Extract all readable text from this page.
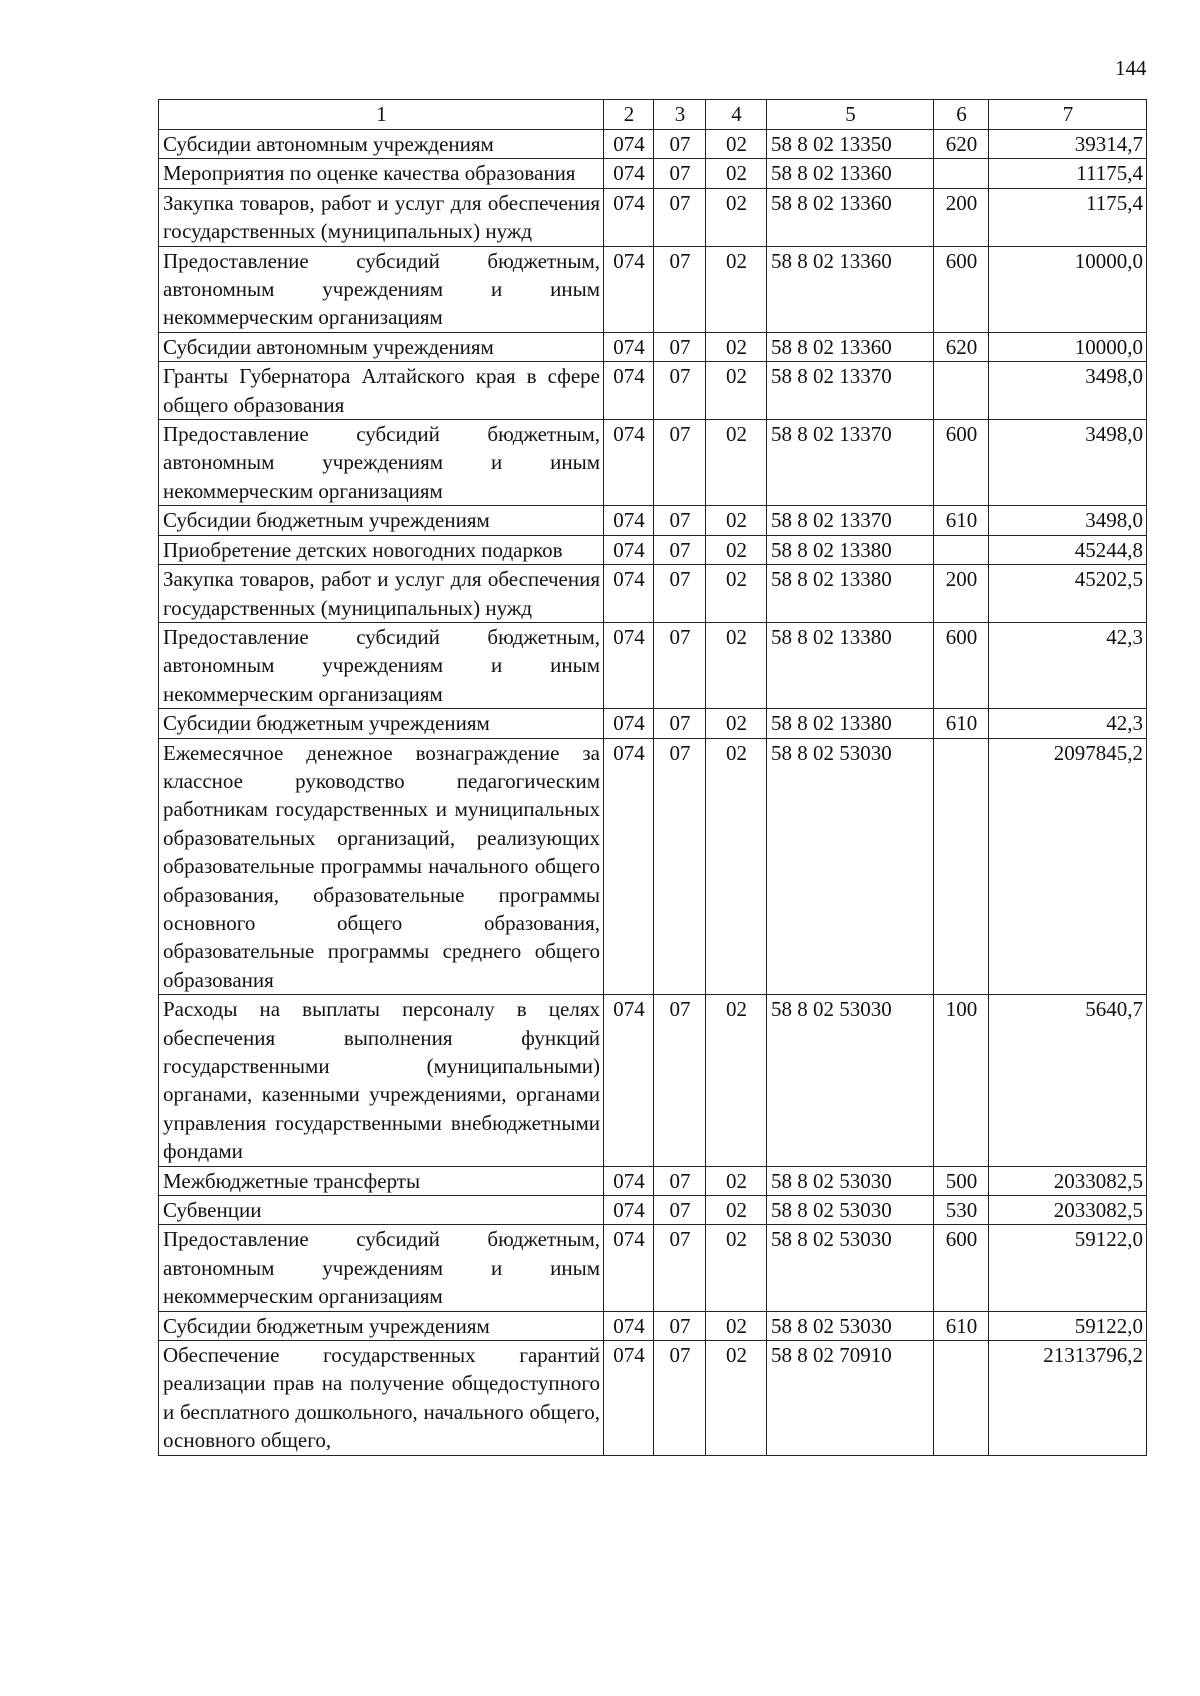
144
1	2	3	4	5	6	7
Субсидии автономным учреждениям	074	07	02	58 8 02 13350	620	39314,7
Мероприятия по оценке качества образования	074	07	02	58 8 02 13360		11175,4
Закупка товаров, работ и услуг для обеспечения государственных (муниципальных) нужд	074	07	02	58 8 02 13360	200	1175,4
Предоставление субсидий бюджетным, автономным учреждениям и иным некоммерческим организациям	074	07	02	58 8 02 13360	600	10000,0
Субсидии автономным учреждениям	074	07	02	58 8 02 13360	620	10000,0
Гранты Губернатора Алтайского края в сфере общего образования	074	07	02	58 8 02 13370		3498,0
Предоставление субсидий бюджетным, автономным учреждениям и иным некоммерческим организациям	074	07	02	58 8 02 13370	600	3498,0
Субсидии бюджетным учреждениям	074	07	02	58 8 02 13370	610	3498,0
Приобретение детских новогодних подарков	074	07	02	58 8 02 13380		45244,8
Закупка товаров, работ и услуг для обеспечения государственных (муниципальных) нужд	074	07	02	58 8 02 13380	200	45202,5
Предоставление субсидий бюджетным, автономным учреждениям и иным некоммерческим организациям	074	07	02	58 8 02 13380	600	42,3
Субсидии бюджетным учреждениям	074	07	02	58 8 02 13380	610	42,3
Ежемесячное денежное вознаграждение за классное руководство педагогическим работникам государственных и муниципальных образовательных организаций, реализующих образовательные программы начального общего образования, образовательные программы основного общего образования, образовательные программы среднего общего образования	074	07	02	58 8 02 53030		2097845,2
Расходы на выплаты персоналу в целях обеспечения выполнения функций государственными (муниципальными) органами, казенными учреждениями, органами управления государственными внебюджетными фондами	074	07	02	58 8 02 53030	100	5640,7
Межбюджетные трансферты	074	07	02	58 8 02 53030	500	2033082,5
Субвенции	074	07	02	58 8 02 53030	530	2033082,5
Предоставление субсидий бюджетным, автономным учреждениям и иным некоммерческим организациям	074	07	02	58 8 02 53030	600	59122,0
Субсидии бюджетным учреждениям	074	07	02	58 8 02 53030	610	59122,0
Обеспечение государственных гарантий реализации прав на получение общедоступного и бесплатного дошкольного, начального общего, основного общего,	074	07	02	58 8 02 70910		21313796,2
